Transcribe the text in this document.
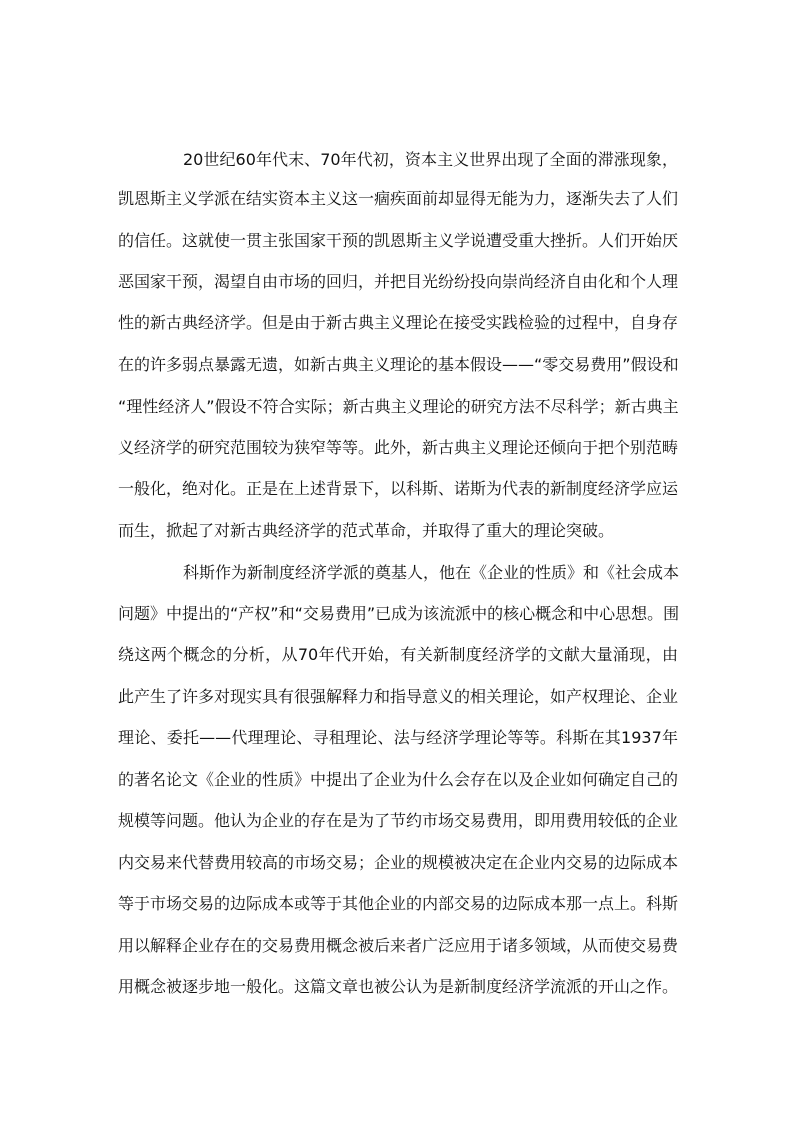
20世纪60年代末、70年代初，资本主义世界出现了全面的滞涨现象，

凯恩斯主义学派在结实资本主义这一痼疾面前却显得无能为力，逐渐失去了人们

的信任。这就使一贯主张国家干预的凯恩斯主义学说遭受重大挫折。人们开始厌

恶国家干预，渴望自由市场的回归，并把目光纷纷投向崇尚经济自由化和个人理

性的新古典经济学。但是由于新古典主义理论在接受实践检验的过程中，自身存

在的许多弱点暴露无遗，如新古典主义理论的基本假设——“零交易费用”假设和

“理性经济人”假设不符合实际；新古典主义理论的研究方法不尽科学；新古典主

义经济学的研究范围较为狭窄等等。此外，新古典主义理论还倾向于把个别范畴

一般化，绝对化。正是在上述背景下，以科斯、诺斯为代表的新制度经济学应运

而生，掀起了对新古典经济学的范式革命，并取得了重大的理论突破。

科斯作为新制度经济学派的奠基人，他在《企业的性质》和《社会成本

问题》中提出的“产权”和“交易费用”已成为该流派中的核心概念和中心思想。围

绕这两个概念的分析，从70年代开始，有关新制度经济学的文献大量涌现，由

此产生了许多对现实具有很强解释力和指导意义的相关理论，如产权理论、企业

理论、委托——代理理论、寻租理论、法与经济学理论等等。科斯在其1937年

的著名论文《企业的性质》中提出了企业为什么会存在以及企业如何确定自己的

规模等问题。他认为企业的存在是为了节约市场交易费用，即用费用较低的企业

内交易来代替费用较高的市场交易；企业的规模被决定在企业内交易的边际成本

等于市场交易的边际成本或等于其他企业的内部交易的边际成本那一点上。科斯

用以解释企业存在的交易费用概念被后来者广泛应用于诸多领域，从而使交易费

用概念被逐步地一般化。这篇文章也被公认为是新制度经济学流派的开山之作。
